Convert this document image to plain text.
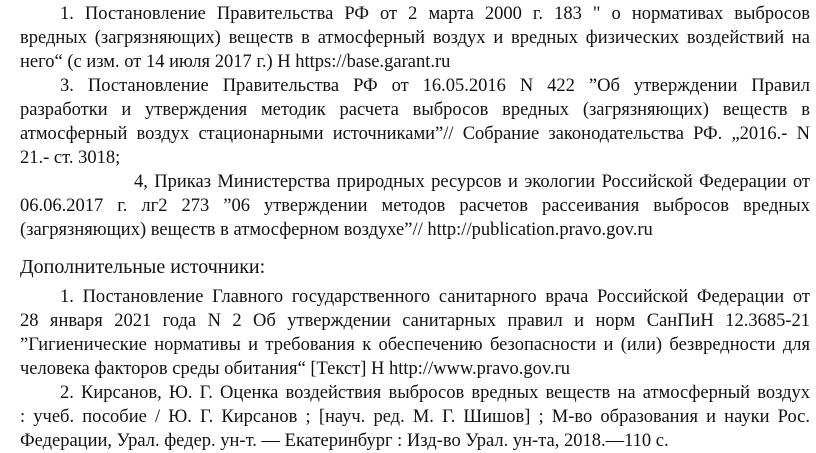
1. Постановление Правительства РФ от 2 марта 2000 г. 183 " о нормативах выбросов
вредных (загрязняющих) веществ в атмосферный воздух и вредных физических воздействий на
него“ (с изм. от 14 июля 2017 г.) Н https://base.garant.ru
3. Постановление Правительства РФ от 16.05.2016 N 422 ”Об утверждении Правил
разработки и утверждения методик расчета выбросов вредных (загрязняющих) веществ в
атмосферный воздух стационарными источниками”// Собрание законодательства РФ. „2016.- N
21.- ст. 3018;
4, Приказ Министерства природных ресурсов и экологии Российской Федерации от
06.06.2017 г. лг2 273 ”06 утверждении методов расчетов рассеивания выбросов вредных
(загрязняющих) веществ в атмосферном воздухе”// http://publication.pravo.gov.ru
Дополнительные источники:
1. Постановление Главного государственного санитарного врача Российской Федерации от
28 января 2021 года N 2 Об утверждении санитарных правил и норм СанПиН 12.3685-21
”Гигиенические нормативы и требования к обеспечению безопасности и (или) безвредности для
человека факторов среды обитания“ [Текст] Н http://www.pravo.gov.ru
2. Кирсанов, Ю. Г. Оценка воздействия выбросов вредных веществ на атмосферный воздух
: учеб. пособие / Ю. Г. Кирсанов ; [науч. ред. М. Г. Шишов] ; М-во образования и науки Рос.
Федерации, Урал. федер. ун-т. — Екатеринбург : Изд-во Урал. ун-та, 2018.—110 с.
